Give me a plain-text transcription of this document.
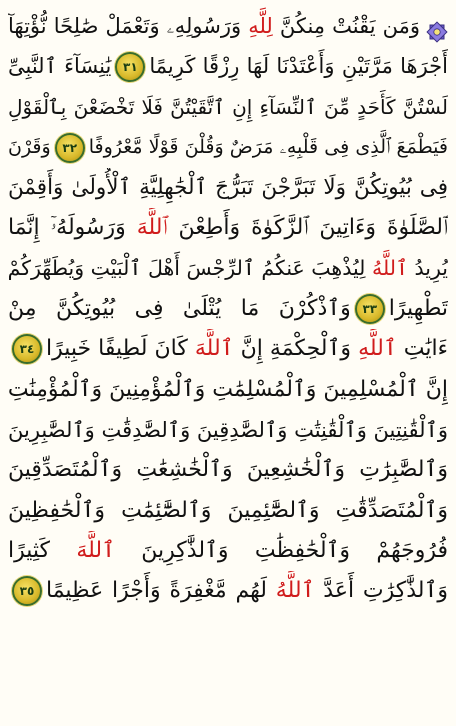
وَمَن يَقْنُتْ مِنكُنَّ لِلَّهِ وَرَسُولِهِۦ وَتَعْمَلْ صَٰلِحًا نُّؤْتِهَآ
أَجْرَهَا مَرَّتَيْنِ وَأَعْتَدْنَا لَهَا رِزْقًا كَرِيمًا٣١يَٰنِسَآءَ ٱلنَّبِىِّ
لَسْتُنَّ كَأَحَدٍ مِّنَ ٱلنِّسَآءِ إِنِ ٱتَّقَيْتُنَّ فَلَا تَخْضَعْنَ بِٱلْقَوْلِ
فَيَطْمَعَ ٱلَّذِى فِى قَلْبِهِۦ مَرَضٌ وَقُلْنَ قَوْلًا مَّعْرُوفًا٣٢وَقَرْنَ
فِى بُيُوتِكُنَّ وَلَا تَبَرَّجْنَ تَبَرُّجَ ٱلْجَٰهِلِيَّةِ ٱلْأُولَىٰ وَأَقِمْنَ
ٱلصَّلَوٰةَ وَءَاتِينَ ٱلزَّكَوٰةَ وَأَطِعْنَ ٱللَّهَ وَرَسُولَهُۥٓ إِنَّمَا
يُرِيدُ ٱللَّهُ لِيُذْهِبَ عَنكُمُ ٱلرِّجْسَ أَهْلَ ٱلْبَيْتِ وَيُطَهِّرَكُمْ
تَطْهِيرًا٣٣وَٱذْكُرْنَ مَا يُتْلَىٰ فِى بُيُوتِكُنَّ مِنْ
ءَايَٰتِ ٱللَّهِ وَٱلْحِكْمَةِ إِنَّ ٱللَّهَ كَانَ لَطِيفًا خَبِيرًا٣٤
إِنَّ ٱلْمُسْلِمِينَ وَٱلْمُسْلِمَٰتِ وَٱلْمُؤْمِنِينَ وَٱلْمُؤْمِنَٰتِ
وَٱلْقَٰنِتِينَ وَٱلْقَٰنِتَٰتِ وَٱلصَّٰدِقِينَ وَٱلصَّٰدِقَٰتِ وَٱلصَّٰبِرِينَ
وَٱلصَّٰبِرَٰتِ وَٱلْخَٰشِعِينَ وَٱلْخَٰشِعَٰتِ وَٱلْمُتَصَدِّقِينَ
وَٱلْمُتَصَدِّقَٰتِ وَٱلصَّٰٓئِمِينَ وَٱلصَّٰٓئِمَٰتِ وَٱلْحَٰفِظِينَ
فُرُوجَهُمْ وَٱلْحَٰفِظَٰتِ وَٱلذَّٰكِرِينَ ٱللَّهَ كَثِيرًا
وَٱلذَّٰكِرَٰتِ أَعَدَّ ٱللَّهُ لَهُم مَّغْفِرَةً وَأَجْرًا عَظِيمًا٣٥
